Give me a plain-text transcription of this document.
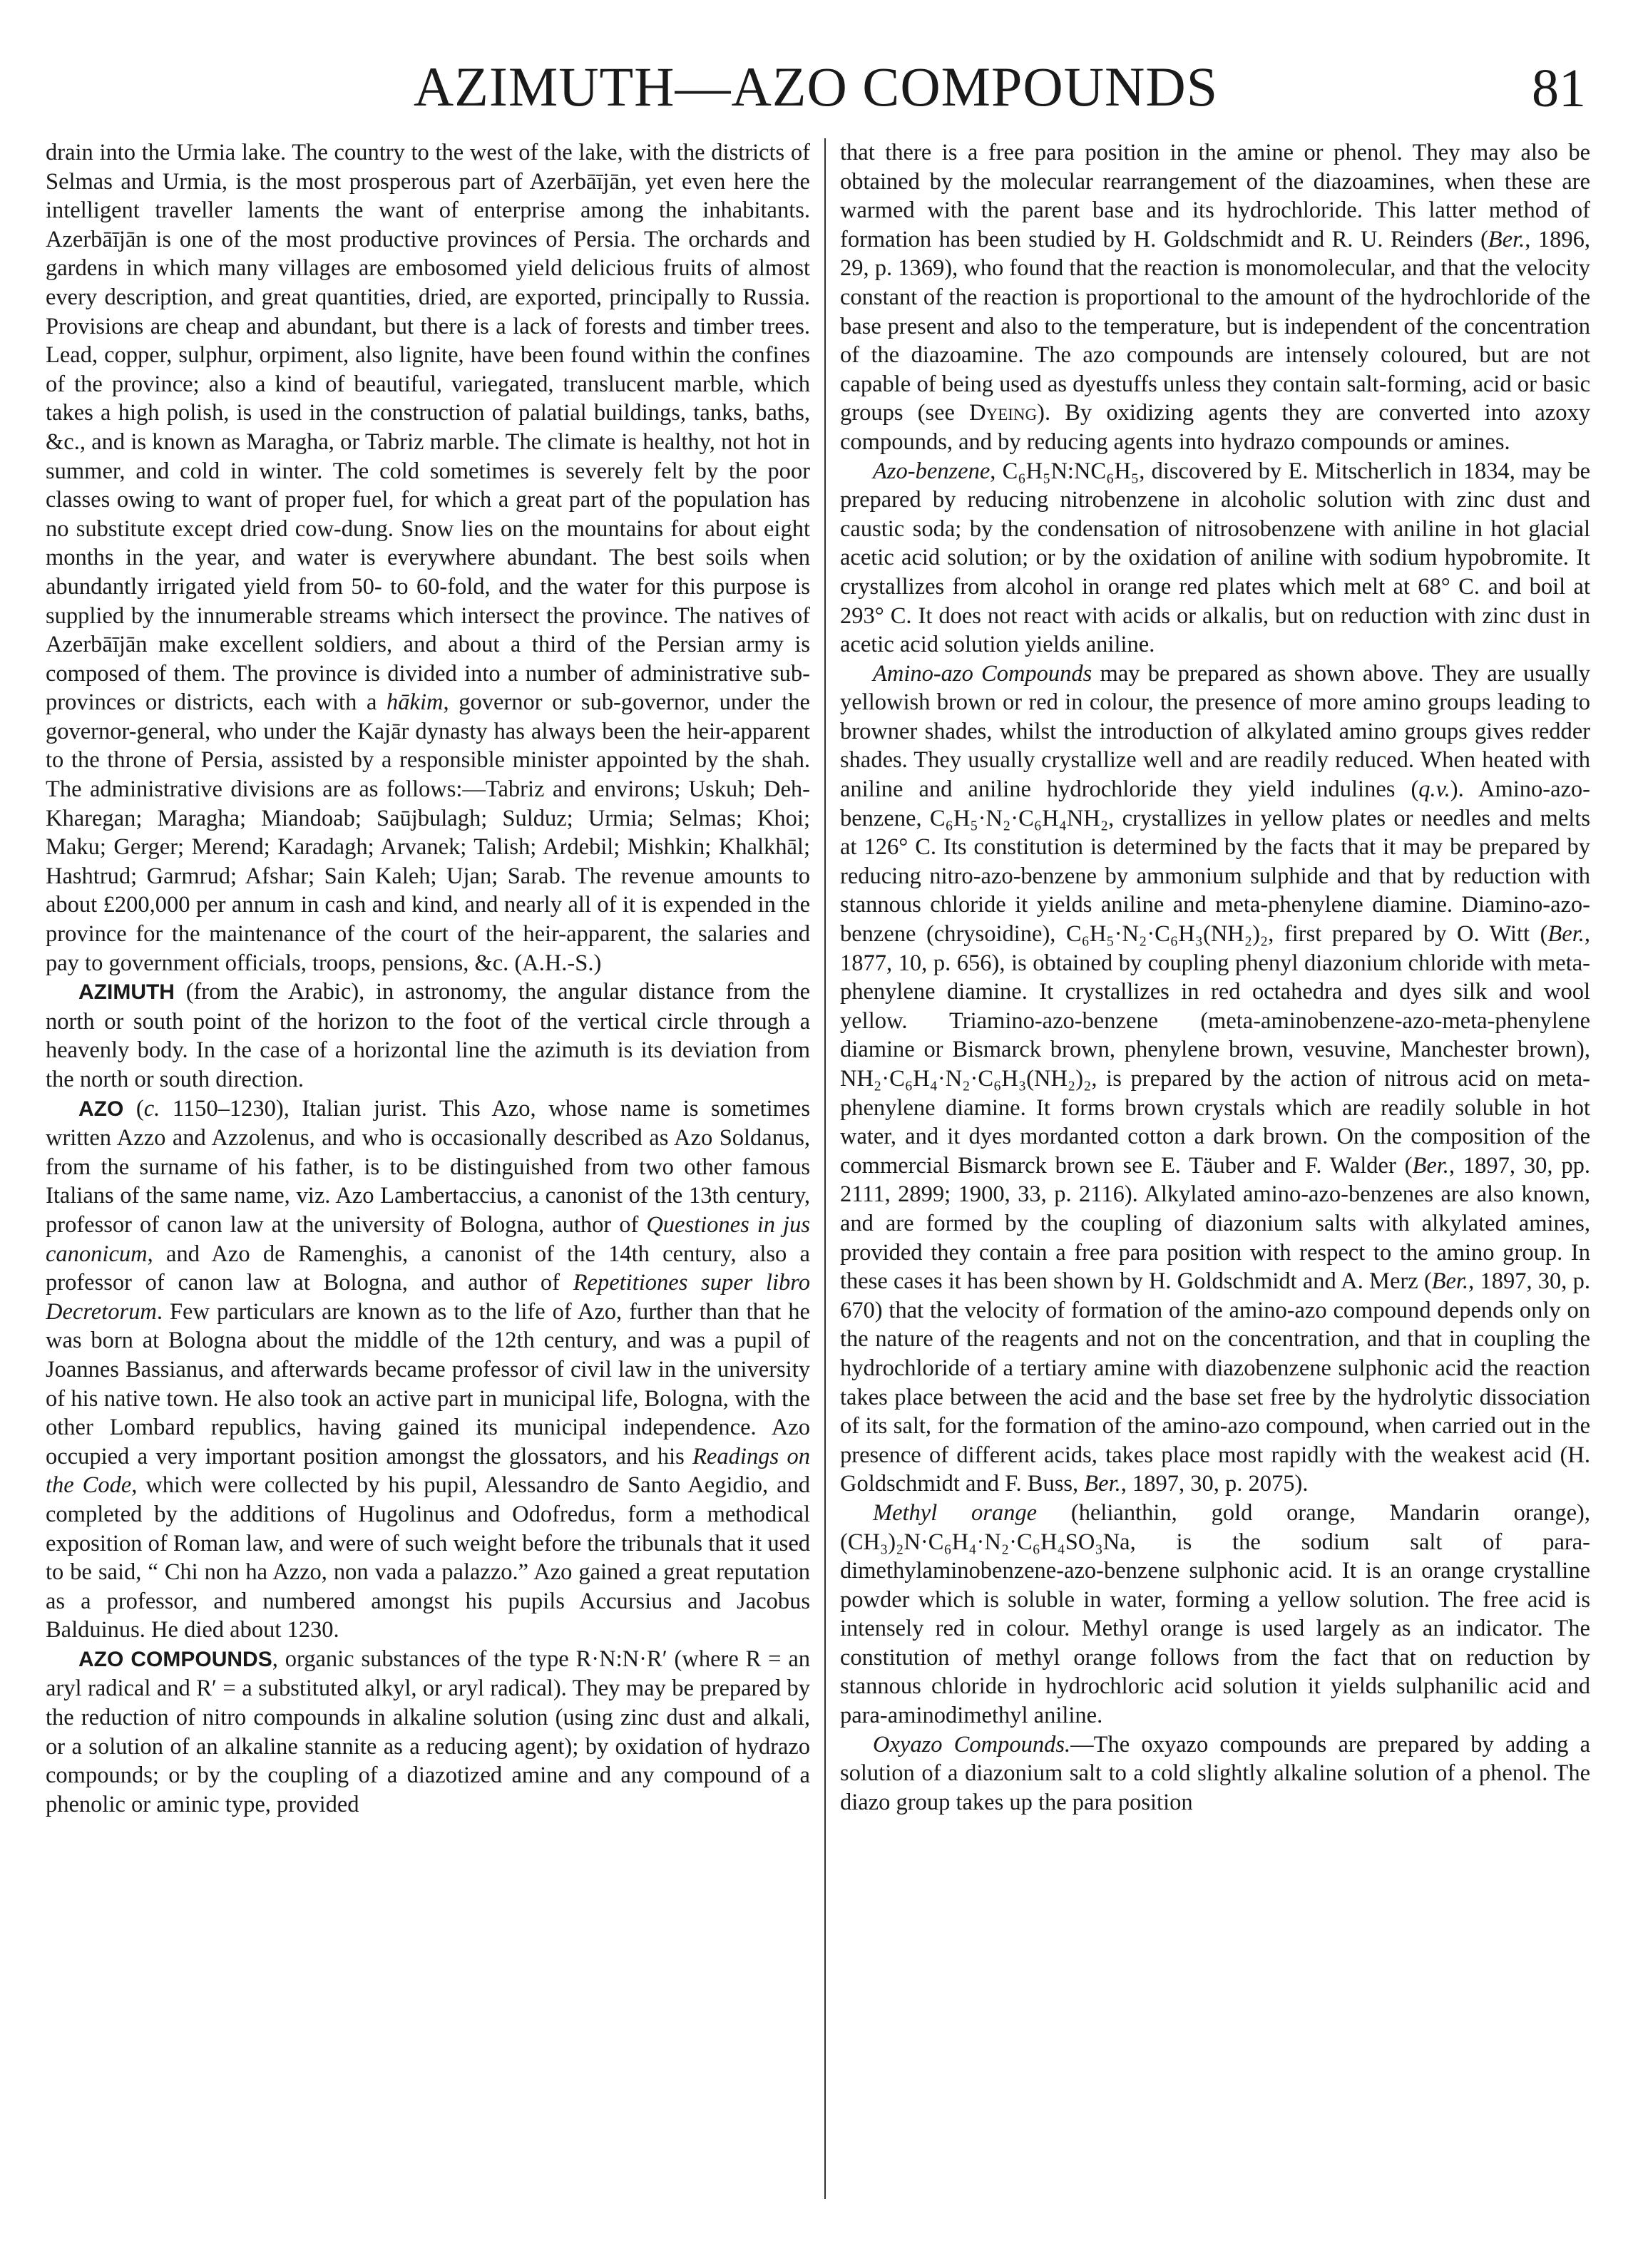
AZIMUTH—AZO COMPOUNDS	81

drain into the Urmia lake. The country to the west of the lake, with the districts of Selmas and Urmia, is the most prosperous part of Azerbāījān, yet even here the intelligent traveller laments the want of enterprise among the inhabitants. Azerbāījān is one of the most productive provinces of Persia. The orchards and gardens in which many villages are embosomed yield delicious fruits of almost every description, and great quantities, dried, are exported, principally to Russia. Provisions are cheap and abundant, but there is a lack of forests and timber trees. Lead, copper, sulphur, orpiment, also lignite, have been found within the confines of the province; also a kind of beautiful, variegated, translucent marble, which takes a high polish, is used in the construction of palatial buildings, tanks, baths, &c., and is known as Maragha, or Tabriz marble. The climate is healthy, not hot in summer, and cold in winter. The cold sometimes is severely felt by the poor classes owing to want of proper fuel, for which a great part of the population has no substitute except dried cow-dung. Snow lies on the mountains for about eight months in the year, and water is everywhere abundant. The best soils when abundantly irrigated yield from 50- to 60-fold, and the water for this purpose is supplied by the innumerable streams which intersect the province. The natives of Azerbāījān make excellent soldiers, and about a third of the Persian army is composed of them. The province is divided into a number of administrative sub-provinces or districts, each with a hākim, governor or sub-governor, under the governor-general, who under the Kajār dynasty has always been the heir-apparent to the throne of Persia, assisted by a responsible minister appointed by the shah. The administrative divisions are as follows:—Tabriz and environs; Uskuh; Deh-Kharegan; Maragha; Miandoab; Saūjbulagh; Sulduz; Urmia; Selmas; Khoi; Maku; Gerger; Merend; Karadagh; Arvanek; Talish; Ardebil; Mishkin; Khalkhāl; Hashtrud; Garmrud; Afshar; Sain Kaleh; Ujan; Sarab. The revenue amounts to about £200,000 per annum in cash and kind, and nearly all of it is expended in the province for the maintenance of the court of the heir-apparent, the salaries and pay to government officials, troops, pensions, &c. (A.H.-S.)

AZIMUTH (from the Arabic), in astronomy, the angular distance from the north or south point of the horizon to the foot of the vertical circle through a heavenly body. In the case of a horizontal line the azimuth is its deviation from the north or south direction.

AZO (c. 1150–1230), Italian jurist. This Azo, whose name is sometimes written Azzo and Azzolenus, and who is occasionally described as Azo Soldanus, from the surname of his father, is to be distinguished from two other famous Italians of the same name, viz. Azo Lambertaccius, a canonist of the 13th century, professor of canon law at the university of Bologna, author of Questiones in jus canonicum, and Azo de Ramenghis, a canonist of the 14th century, also a professor of canon law at Bologna, and author of Repetitiones super libro Decretorum. Few particulars are known as to the life of Azo, further than that he was born at Bologna about the middle of the 12th century, and was a pupil of Joannes Bassianus, and afterwards became professor of civil law in the university of his native town. He also took an active part in municipal life, Bologna, with the other Lombard republics, having gained its municipal independence. Azo occupied a very important position amongst the glossators, and his Readings on the Code, which were collected by his pupil, Alessandro de Santo Aegidio, and completed by the additions of Hugolinus and Odofredus, form a methodical exposition of Roman law, and were of such weight before the tribunals that it used to be said, “ Chi non ha Azzo, non vada a palazzo.” Azo gained a great reputation as a professor, and numbered amongst his pupils Accursius and Jacobus Balduinus. He died about 1230.

AZO COMPOUNDS, organic substances of the type R·N:N·R′ (where R = an aryl radical and R′ = a substituted alkyl, or aryl radical). They may be prepared by the reduction of nitro compounds in alkaline solution (using zinc dust and alkali, or a solution of an alkaline stannite as a reducing agent); by oxidation of hydrazo compounds; or by the coupling of a diazotized amine and any compound of a phenolic or aminic type, provided

that there is a free para position in the amine or phenol. They may also be obtained by the molecular rearrangement of the diazoamines, when these are warmed with the parent base and its hydrochloride. This latter method of formation has been studied by H. Goldschmidt and R. U. Reinders (Ber., 1896, 29, p. 1369), who found that the reaction is monomolecular, and that the velocity constant of the reaction is proportional to the amount of the hydrochloride of the base present and also to the temperature, but is independent of the concentration of the diazoamine. The azo compounds are intensely coloured, but are not capable of being used as dyestuffs unless they contain salt-forming, acid or basic groups (see Dyeing). By oxidizing agents they are converted into azoxy compounds, and by reducing agents into hydrazo compounds or amines.

Azo-benzene, C₆H₅N:NC₆H₅, discovered by E. Mitscherlich in 1834, may be prepared by reducing nitrobenzene in alcoholic solution with zinc dust and caustic soda; by the condensation of nitrosobenzene with aniline in hot glacial acetic acid solution; or by the oxidation of aniline with sodium hypobromite. It crystallizes from alcohol in orange red plates which melt at 68° C. and boil at 293° C. It does not react with acids or alkalis, but on reduction with zinc dust in acetic acid solution yields aniline.

Amino-azo Compounds may be prepared as shown above. They are usually yellowish brown or red in colour, the presence of more amino groups leading to browner shades, whilst the introduction of alkylated amino groups gives redder shades. They usually crystallize well and are readily reduced. When heated with aniline and aniline hydrochloride they yield indulines (q.v.). Amino-azo-benzene, C₆H₅·N₂·C₆H₄NH₂, crystallizes in yellow plates or needles and melts at 126° C. Its constitution is determined by the facts that it may be prepared by reducing nitro-azo-benzene by ammonium sulphide and that by reduction with stannous chloride it yields aniline and meta-phenylene diamine. Diamino-azo-benzene (chrysoidine), C₆H₅·N₂·C₆H₃(NH₂)₂, first prepared by O. Witt (Ber., 1877, 10, p. 656), is obtained by coupling phenyl diazonium chloride with meta-phenylene diamine. It crystallizes in red octahedra and dyes silk and wool yellow. Triamino-azo-benzene (meta-aminobenzene-azo-meta-phenylene diamine or Bismarck brown, phenylene brown, vesuvine, Manchester brown), NH₂·C₆H₄·N₂·C₆H₃(NH₂)₂, is prepared by the action of nitrous acid on meta-phenylene diamine. It forms brown crystals which are readily soluble in hot water, and it dyes mordanted cotton a dark brown. On the composition of the commercial Bismarck brown see E. Täuber and F. Walder (Ber., 1897, 30, pp. 2111, 2899; 1900, 33, p. 2116). Alkylated amino-azo-benzenes are also known, and are formed by the coupling of diazonium salts with alkylated amines, provided they contain a free para position with respect to the amino group. In these cases it has been shown by H. Goldschmidt and A. Merz (Ber., 1897, 30, p. 670) that the velocity of formation of the amino-azo compound depends only on the nature of the reagents and not on the concentration, and that in coupling the hydrochloride of a tertiary amine with diazobenzene sulphonic acid the reaction takes place between the acid and the base set free by the hydrolytic dissociation of its salt, for the formation of the amino-azo compound, when carried out in the presence of different acids, takes place most rapidly with the weakest acid (H. Goldschmidt and F. Buss, Ber., 1897, 30, p. 2075).

Methyl orange (helianthin, gold orange, Mandarin orange), (CH₃)₂N·C₆H₄·N₂·C₆H₄SO₃Na, is the sodium salt of para-dimethylaminobenzene-azo-benzene sulphonic acid. It is an orange crystalline powder which is soluble in water, forming a yellow solution. The free acid is intensely red in colour. Methyl orange is used largely as an indicator. The constitution of methyl orange follows from the fact that on reduction by stannous chloride in hydrochloric acid solution it yields sulphanilic acid and para-aminodimethyl aniline.

Oxyazo Compounds.—The oxyazo compounds are prepared by adding a solution of a diazonium salt to a cold slightly alkaline solution of a phenol. The diazo group takes up the para position
